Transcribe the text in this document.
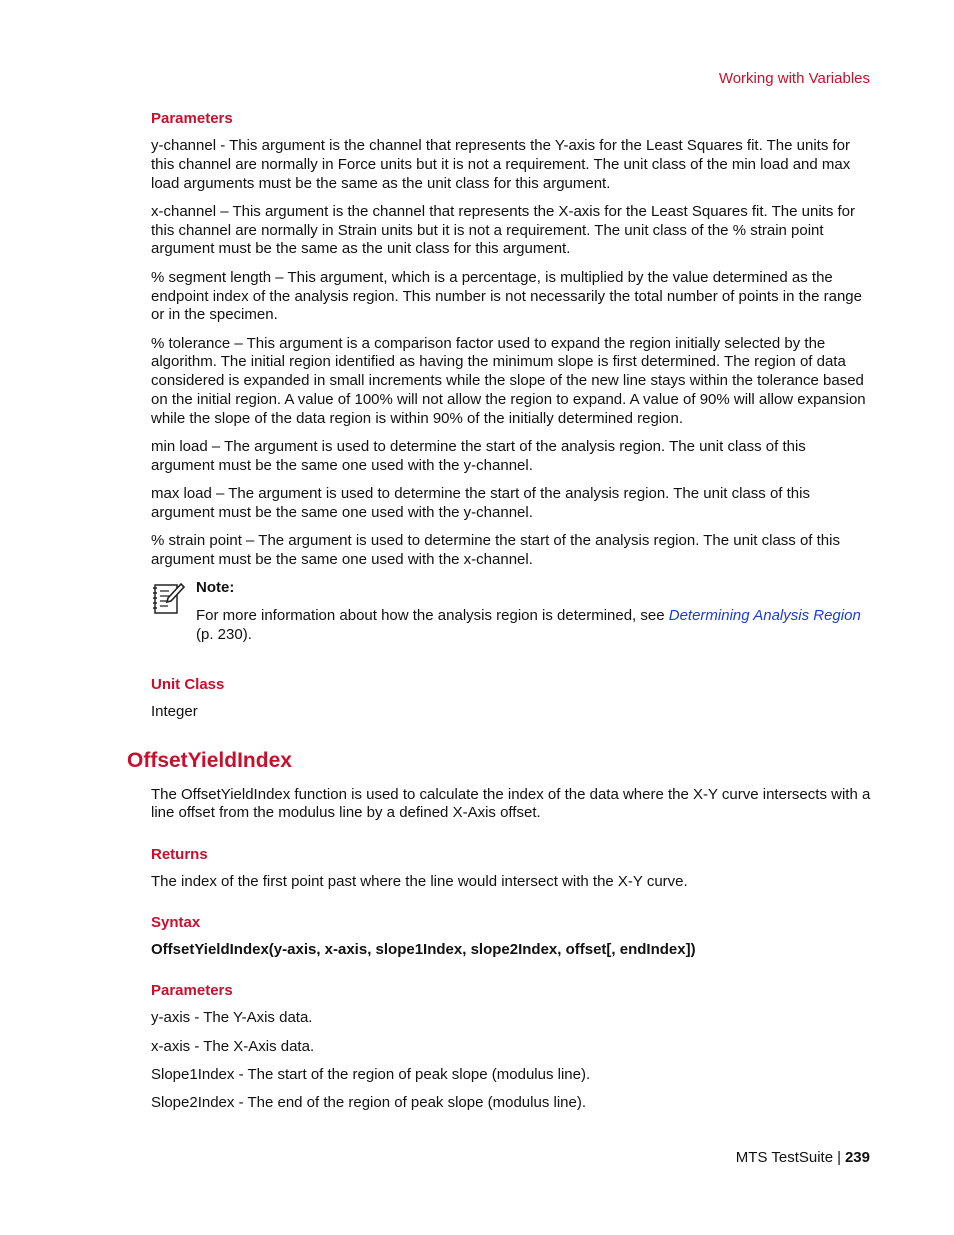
Working with Variables
Parameters

y-channel - This argument is the channel that represents the Y-axis for the Least Squares fit. The units for this channel are normally in Force units but it is not a requirement. The unit class of the min load and max load arguments must be the same as the unit class for this argument.

x-channel – This argument is the channel that represents the X-axis for the Least Squares fit. The units for this channel are normally in Strain units but it is not a requirement. The unit class of the % strain point argument must be the same as the unit class for this argument.

% segment length – This argument, which is a percentage, is multiplied by the value determined as the endpoint index of the analysis region. This number is not necessarily the total number of points in the range or in the specimen.

% tolerance – This argument is a comparison factor used to expand the region initially selected by the algorithm. The initial region identified as having the minimum slope is first determined. The region of data considered is expanded in small increments while the slope of the new line stays within the tolerance based on the initial region. A value of 100% will not allow the region to expand. A value of 90% will allow expansion while the slope of the data region is within 90% of the initially determined region.

min load – The argument is used to determine the start of the analysis region. The unit class of this argument must be the same one used with the y-channel.

max load – The argument is used to determine the start of the analysis region. The unit class of this argument must be the same one used with the y-channel.

% strain point – The argument is used to determine the start of the analysis region. The unit class of this argument must be the same one used with the x-channel.

Note:

For more information about how the analysis region is determined, see Determining Analysis Region
(p. 230).

Unit Class

Integer

OffsetYieldIndex

The OffsetYieldIndex function is used to calculate the index of the data where the X-Y curve intersects with a line offset from the modulus line by a defined X-Axis offset.

Returns

The index of the first point past where the line would intersect with the X-Y curve.

Syntax

OffsetYieldIndex(y-axis, x-axis, slope1Index, slope2Index, offset[, endIndex])

Parameters

y-axis - The Y-Axis data.

x-axis - The X-Axis data.

Slope1Index - The start of the region of peak slope (modulus line).

Slope2Index - The end of the region of peak slope (modulus line).

MTS TestSuite | 239
